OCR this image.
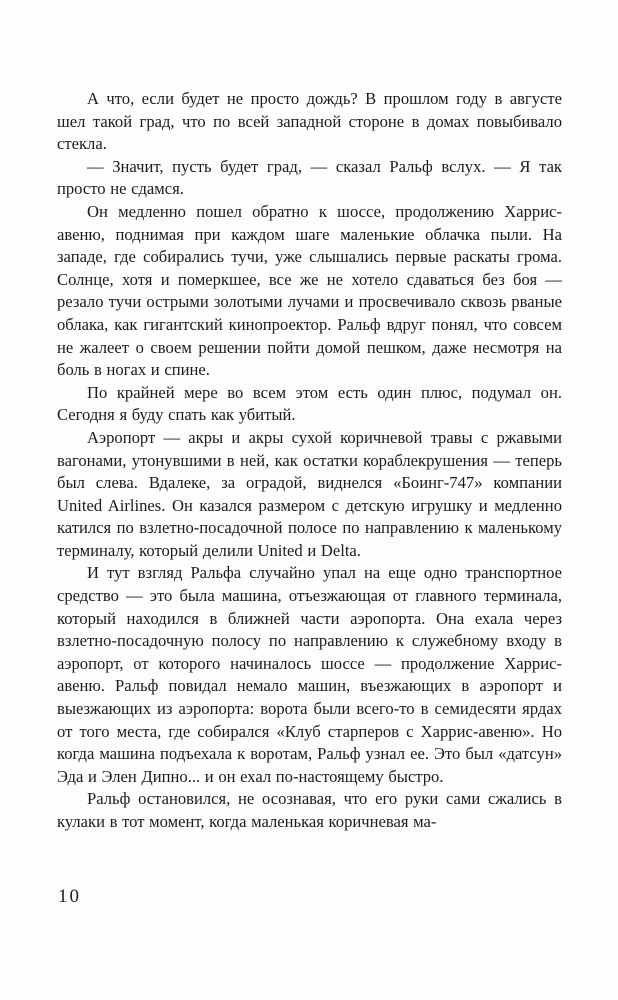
А что, если будет не просто дождь? В прошлом году в августе шел такой град, что по всей западной стороне в домах повыбивало стекла.

— Значит, пусть будет град, — сказал Ральф вслух. — Я так просто не сдамся.

Он медленно пошел обратно к шоссе, продолжению Харрис-авеню, поднимая при каждом шаге маленькие облачка пыли. На западе, где собирались тучи, уже слышались первые раскаты грома. Солнце, хотя и померкшее, все же не хотело сдаваться без боя — резало тучи острыми золотыми лучами и просвечивало сквозь рваные облака, как гигантский кинопроектор. Ральф вдруг понял, что совсем не жалеет о своем решении пойти домой пешком, даже несмотря на боль в ногах и спине.

По крайней мере во всем этом есть один плюс, подумал он. Сегодня я буду спать как убитый.

Аэропорт — акры и акры сухой коричневой травы с ржавыми вагонами, утонувшими в ней, как остатки кораблекрушения — теперь был слева. Вдалеке, за оградой, виднелся «Боинг-747» компании United Airlines. Он казался размером с детскую игрушку и медленно катился по взлетно-посадочной полосе по направлению к маленькому терминалу, который делили United и Delta.

И тут взгляд Ральфа случайно упал на еще одно транспортное средство — это была машина, отъезжающая от главного терминала, который находился в ближней части аэропорта. Она ехала через взлетно-посадочную полосу по направлению к служебному входу в аэропорт, от которого начиналось шоссе — продолжение Харрис-авеню. Ральф повидал немало машин, въезжающих в аэропорт и выезжающих из аэропорта: ворота были всего-то в семидесяти ярдах от того места, где собирался «Клуб старперов с Харрис-авеню». Но когда машина подъехала к воротам, Ральф узнал ее. Это был «датсун» Эда и Элен Дипно... и он ехал по-настоящему быстро.

Ральф остановился, не осознавая, что его руки сами сжались в кулаки в тот момент, когда маленькая коричневая ма-

10
